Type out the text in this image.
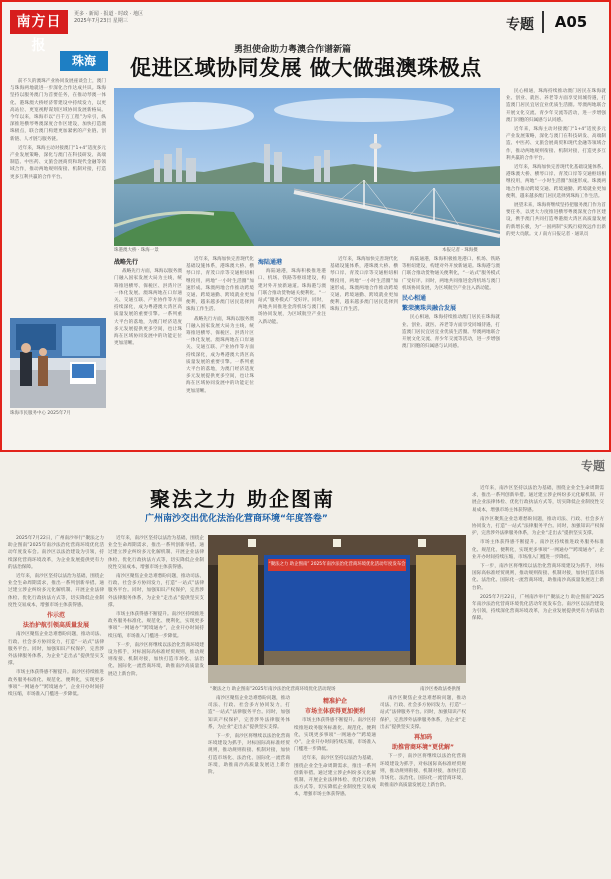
南方日报
更多 · 新闻 · 报道 · 时政 · 地区
2025年7月23日 星期三	专题	A05
勇担使命助力粤澳合作谱新篇
珠海	促进区域协同发展 做大做强澳珠极点

前不久的澳珠产业协同发展座谈会上，澳门与珠海两地就进一步深化合作达成共识。珠海坚持以服务澳门为首要任务，在推动琴澳一体化、港珠澳大桥经济带建设中持续发力，以更高站位、更宽视野谋划区域协同发展新格局。今年以来，珠海市以“百千万工程”为牵引，纵深推进横琴粤澳深度合作区建设，加快打造澳珠极点，联合澳门构建更加紧密的产业链、创新链、人才链与服务链。

近年来，珠海主动对接澳门“1+4”适度多元产业发展策略，深化与澳门在科技研发、高端制造、中医药、文旅会展商贸和现代金融等领域合作，推动两地规则衔接、机制对接，打造更多互利共赢的合作平台。

珠海市民服务中心 2025年7月
珠港澳大桥 · 珠海一景	本报记者 · 珠海摄
战略先行

战略先行方面，珠海以服务澳门融入国家发展大局为主线，统筹推进横琴、保税区、洪湾片区一体化发展。澳珠两地在口岸通关、交通互联、产业协作等方面持续深化，成为粤港澳大湾区高质量发展的重要引擎。一系列重大平台的落地，为澳门经济适度多元发展提供更多空间，也让珠海在区域协同发展中的功能定位更加清晰。

近年来，珠海加快完善现代化基础设施体系，港珠澳大桥、横琴口岸、青茂口岸等交通枢纽相继投用，两地“一小时生活圈”加速形成。珠澳两地合作推动跨境交通、跨境通勤、跨境就业更加便利，越来越多澳门居民选择到珠海工作生活。

战略先行方面，珠海以服务澳门融入国家发展大局为主线，统筹推进横琴、保税区、洪湾片区一体化发展。澳珠两地在口岸通关、交通互联、产业协作等方面持续深化，成为粤港澳大湾区高质量发展的重要引擎。一系列重大平台的落地，为澳门经济适度多元发展提供更多空间，也让珠海在区域协同发展中的功能定位更加清晰。

海陆通港

海陆通港，珠海积极推进港口、机场、铁路等枢纽建设，构建对外开放新通道。珠海港与澳门联合推动货物通关便利化，“一站式”服务模式广受好评。同时，两地共同推进金湾机场与澳门机场协同发展，为区域航空产业注入新动能。

近年来，珠海加快完善现代化基础设施体系，港珠澳大桥、横琴口岸、青茂口岸等交通枢纽相继投用，两地“一小时生活圈”加速形成。珠澳两地合作推动跨境交通、跨境通勤、跨境就业更加便利，越来越多澳门居民选择到珠海工作生活。

海陆通港，珠海积极推进港口、机场、铁路等枢纽建设，构建对外开放新通道。珠海港与澳门联合推动货物通关便利化，“一站式”服务模式广受好评。同时，两地共同推进金湾机场与澳门机场协同发展，为区域航空产业注入新动能。

民心相通
繁荣澳珠共融合发展

民心相通，珠海持续推动澳门居民在珠海就业、创业、就医、养老等方面享受同城待遇，打造澳门居民宜居宜业优质生活圈。琴澳两地联合开展文化交流、青少年交流等活动，进一步增强澳门同胞的归属感与认同感。

民心相通，珠海持续推动澳门居民在珠海就业、创业、就医、养老等方面享受同城待遇，打造澳门居民宜居宜业优质生活圈。琴澳两地联合开展文化交流、青少年交流等活动，进一步增强澳门同胞的归属感与认同感。

近年来，珠海主动对接澳门“1+4”适度多元产业发展策略，深化与澳门在科技研发、高端制造、中医药、文旅会展商贸和现代金融等领域合作，推动两地规则衔接、机制对接，打造更多互利共赢的合作平台。

近年来，珠海加快完善现代化基础设施体系，港珠澳大桥、横琴口岸、青茂口岸等交通枢纽相继投用，两地“一小时生活圈”加速形成。珠澳两地合作推动跨境交通、跨境通勤、跨境就业更加便利，越来越多澳门居民选择到珠海工作生活。

展望未来，珠海将继续坚持把服务澳门作为首要任务，以更大力度推进横琴粤澳深度合作区建设，携手澳门共同打造粤港澳大湾区高质量发展的新增长极，为“一国两制”实践行稳致远作出新的更大贡献。文 / 南方日报记者 · 通讯员

专题
聚法之力 助企图南
广州南沙交出优化法治化营商环境“年度答卷”

2025年7月22日，广州南沙举行“聚法之力 助企图南”2025年南沙法治化营商环境优化活动年度发布会。南沙区以法治建设为引领，持续深化营商环境改革，为企业发展提供更有力的法治保障。

近年来，南沙区坚持以法治为基础，围绕企业全生命周期需求，推出一系列创新举措。通过建立涉企纠纷多元化解机制、开展企业法律体检、优化行政执法方式等，切实降低企业制度性交易成本，增强市场主体获得感。

作示范
法治护航引领高质量发展

南沙区聚焦企业急难愁盼问题，推动司法、行政、社会多方协同发力，打造“一站式”法律服务平台。同时，加强知识产权保护，完善涉外法律服务体系，为企业“走出去”提供坚实支撑。

市场主体获得感不断提升。南沙区持续推进政务服务标准化、规范化、便利化，实现更多事项“一网通办”“跨境通办”，企业开办时间持续压缩，市场准入门槛进一步降低。

近年来，南沙区坚持以法治为基础，围绕企业全生命周期需求，推出一系列创新举措。通过建立涉企纠纷多元化解机制、开展企业法律体检、优化行政执法方式等，切实降低企业制度性交易成本，增强市场主体获得感。

南沙区聚焦企业急难愁盼问题，推动司法、行政、社会多方协同发力，打造“一站式”法律服务平台。同时，加强知识产权保护，完善涉外法律服务体系，为企业“走出去”提供坚实支撑。

市场主体获得感不断提升。南沙区持续推进政务服务标准化、规范化、便利化，实现更多事项“一网通办”“跨境通办”，企业开办时间持续压缩，市场准入门槛进一步降低。

下一步，南沙区将继续以法治化营商环境建设为抓手，对标国际高标准经贸规则，推动规则衔接、机制对接，加快打造市场化、法治化、国际化一流营商环境，助推南沙高质量发展迈上新台阶。

“聚法之力 助企图南” 2025年南沙法治化营商环境优化活动年度发布会
“聚法之力 助企图南”2025年南沙法治化营商环境优化活动现场	南沙区委政法委供图

南沙区聚焦企业急难愁盼问题，推动司法、行政、社会多方协同发力，打造“一站式”法律服务平台。同时，加强知识产权保护，完善涉外法律服务体系，为企业“走出去”提供坚实支撑。

下一步，南沙区将继续以法治化营商环境建设为抓手，对标国际高标准经贸规则，推动规则衔接、机制对接，加快打造市场化、法治化、国际化一流营商环境，助推南沙高质量发展迈上新台阶。

精准护企
市场主体获得更加便利

市场主体获得感不断提升。南沙区持续推进政务服务标准化、规范化、便利化，实现更多事项“一网通办”“跨境通办”，企业开办时间持续压缩，市场准入门槛进一步降低。

近年来，南沙区坚持以法治为基础，围绕企业全生命周期需求，推出一系列创新举措。通过建立涉企纠纷多元化解机制、开展企业法律体检、优化行政执法方式等，切实降低企业制度性交易成本，增强市场主体获得感。

南沙区聚焦企业急难愁盼问题，推动司法、行政、社会多方协同发力，打造“一站式”法律服务平台。同时，加强知识产权保护，完善涉外法律服务体系，为企业“走出去”提供坚实支撑。

再加码
助推营商环境“更优解”

下一步，南沙区将继续以法治化营商环境建设为抓手，对标国际高标准经贸规则，推动规则衔接、机制对接，加快打造市场化、法治化、国际化一流营商环境，助推南沙高质量发展迈上新台阶。

近年来，南沙区坚持以法治为基础，围绕企业全生命周期需求，推出一系列创新举措。通过建立涉企纠纷多元化解机制、开展企业法律体检、优化行政执法方式等，切实降低企业制度性交易成本，增强市场主体获得感。

南沙区聚焦企业急难愁盼问题，推动司法、行政、社会多方协同发力，打造“一站式”法律服务平台。同时，加强知识产权保护，完善涉外法律服务体系，为企业“走出去”提供坚实支撑。

市场主体获得感不断提升。南沙区持续推进政务服务标准化、规范化、便利化，实现更多事项“一网通办”“跨境通办”，企业开办时间持续压缩，市场准入门槛进一步降低。

下一步，南沙区将继续以法治化营商环境建设为抓手，对标国际高标准经贸规则，推动规则衔接、机制对接，加快打造市场化、法治化、国际化一流营商环境，助推南沙高质量发展迈上新台阶。

2025年7月22日，广州南沙举行“聚法之力 助企图南”2025年南沙法治化营商环境优化活动年度发布会。南沙区以法治建设为引领，持续深化营商环境改革，为企业发展提供更有力的法治保障。
